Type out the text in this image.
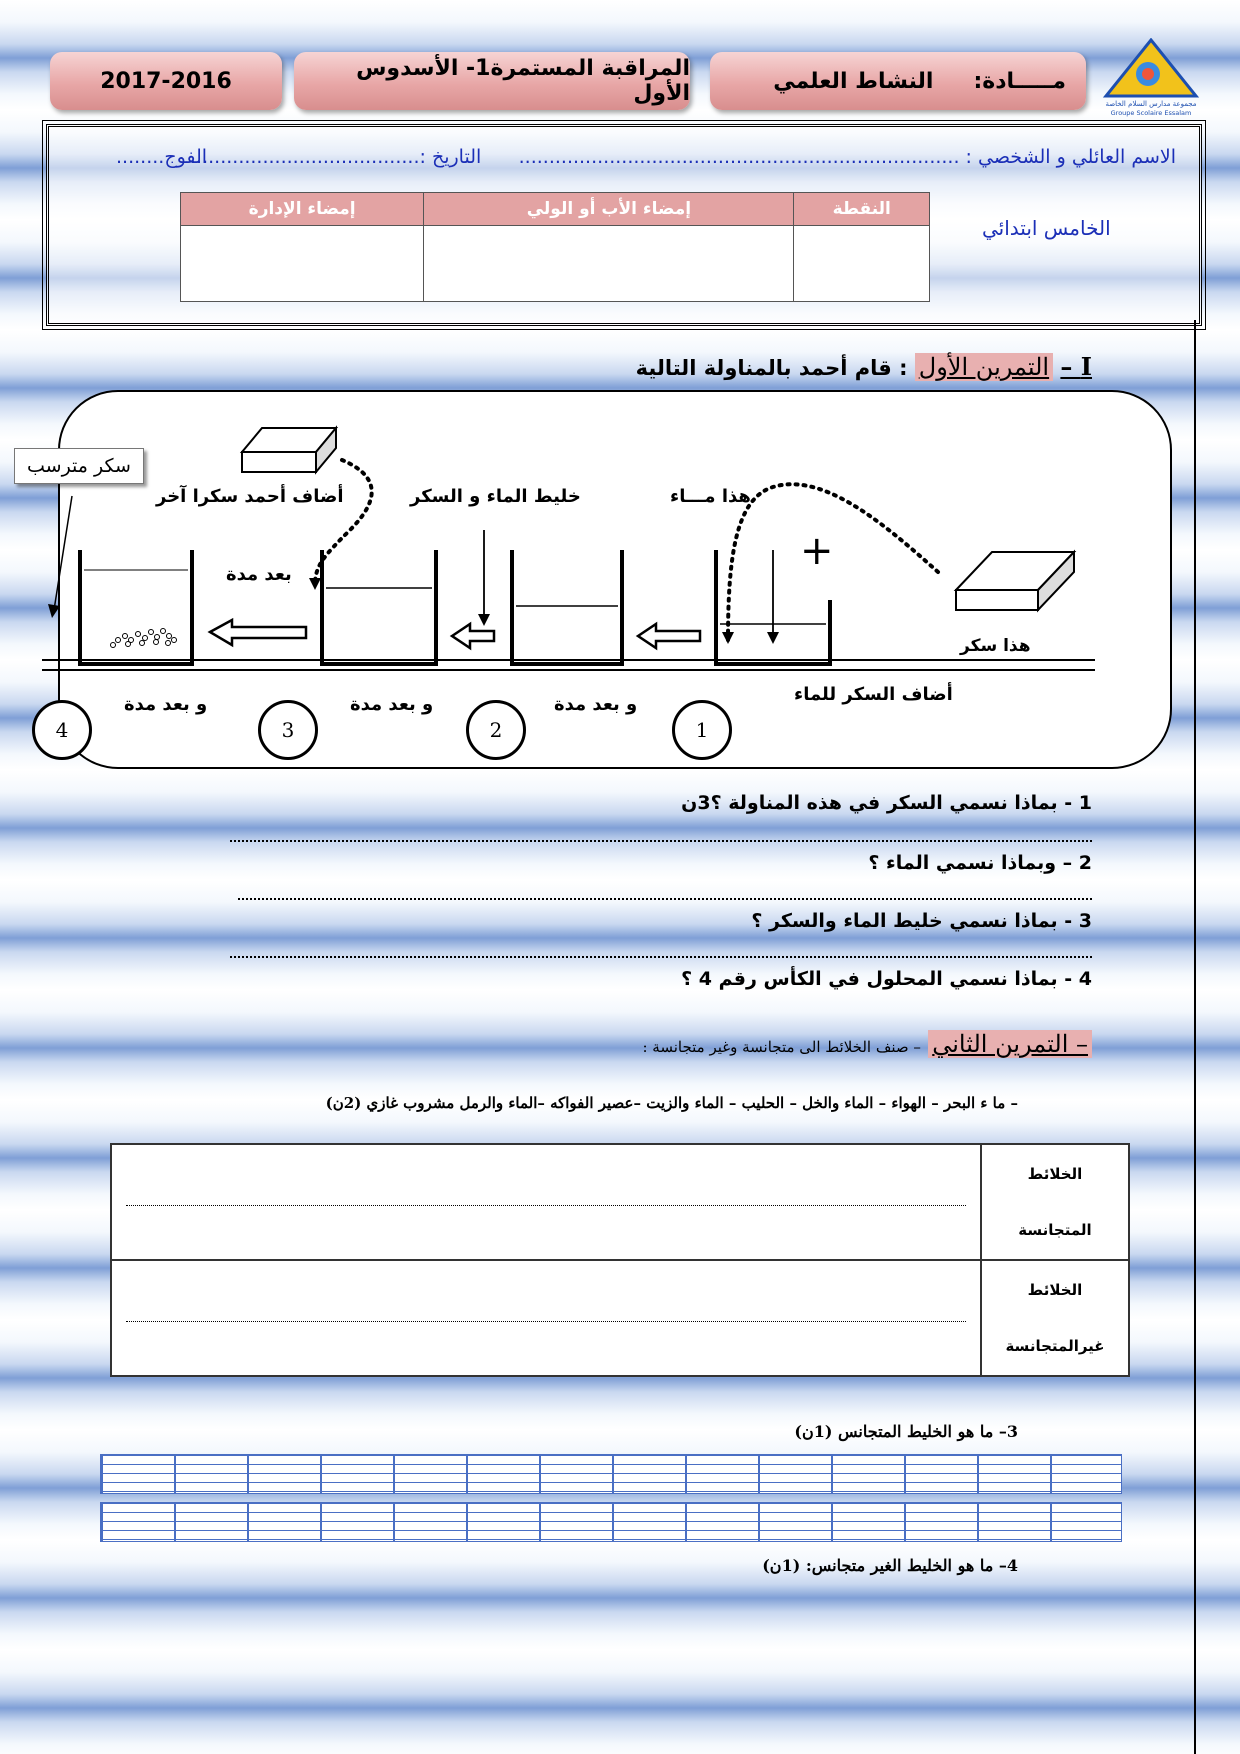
2017-2016	المراقبة المستمرة1- الأسدوس الأول	مـــــادة:
النشاط العلمي
مجموعة مدارس السلام الخاصة
Groupe Scolaire Essalam
الاسم العائلي و الشخصي : .........................................................................
التاريخ :......................................
الفوج........
الخامس ابتدائي
النقطة	إمضاء الأب أو الولي	إمضاء الإدارة

I – التمرين الأول : قام أحمد بالمناولة التالية
سكر مترسب
أضاف أحمد سكرا آخر	خليط الماء و السكر	هذا مـــاء
+
بعد مدة
هذا سكر
أضاف السكر للماء
و بعد مدة
و بعد مدة
و بعد مدة
1
2
3
4
1 - بماذا نسمي السكر في هذه المناولة ؟3ن
2 – وبماذا نسمي الماء ؟
3 - بماذا نسمي خليط الماء والسكر ؟
4 - بماذا نسمي المحلول في الكأس رقم 4 ؟
– التمرين الثاني – صنف الخلائط الى متجانسة وغير متجانسة :
– ما ء البحر – الهواء – الماء والخل – الحليب – الماء والزيت –عصير الفواكه –الماء والرمل مشروب غازي (2ن)

	الخلائط
المتجانسة

	الخلائط
غيرالمتجانسة
3– ما هو الخليط المتجانس (1ن)
4– ما هو الخليط الغير متجانس: (1ن)
